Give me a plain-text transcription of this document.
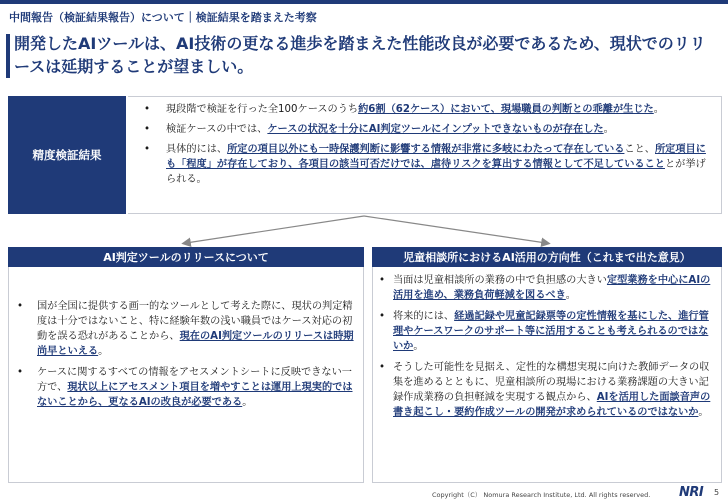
中間報告（検証結果報告）について｜検証結果を踏まえた考察
開発したAIツールは、AI技術の更なる進歩を踏まえた性能改良が必要であるため、現状でのリリースは延期することが望ましい。
精度検証結果
• 現段階で検証を行った全100ケースのうち約6割（62ケース）において、現場職員の判断との乖離が生じた。
• 検証ケースの中では、ケースの状況を十分にAI判定ツールにインプットできないものが存在した。
• 具体的には、所定の項目以外にも一時保護判断に影響する情報が非常に多岐にわたって存在していること、所定項目にも「程度」が存在しており、各項目の該当可否だけでは、虐待リスクを算出する情報として不足していることとが挙げられる。
AI判定ツールのリリースについて
• 国が全国に提供する画一的なツールとして考えた際に、現状の判定精度は十分ではないこと、特に経験年数の浅い職員ではケース対応の初動を誤る恐れがあることから、現在のAI判定ツールのリリースは時期尚早といえる。
• ケースに関するすべての情報をアセスメントシートに反映できない一方で、現状以上にアセスメント項目を増やすことは運用上現実的ではないことから、更なるAIの改良が必要である。
児童相談所におけるAI活用の方向性（これまで出た意見）
• 当面は児童相談所の業務の中で負担感の大きい定型業務を中心にAIの活用を進め、業務負荷軽減を図るべき。
• 将来的には、経過記録や児童記録票等の定性情報を基にした、進行管理やケースワークのサポート等に活用することも考えられるのではないか。
• そうした可能性を見据え、定性的な構想実現に向けた教師データの収集を進めるとともに、児童相談所の現場における業務課題の大きい記録作成業務の負担軽減を実現する観点から、AIを活用した面談音声の書き起こし・要約作成ツールの開発が求められているのではないか。
Copyright（C） Nomura Research Institute, Ltd. All rights reserved. NRI 5
